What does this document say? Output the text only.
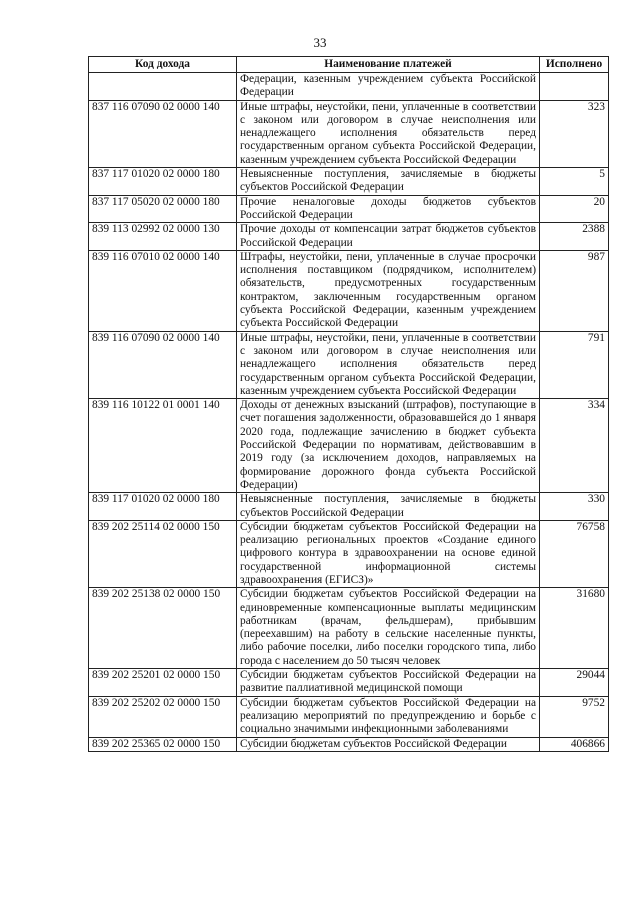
33
Код дохода	Наименование платежей	Исполнено
	Федерации, казенным учреждением субъекта Российской Федерации	
837 116 07090 02 0000 140	Иные штрафы, неустойки, пени, уплаченные в соответствии с законом или договором в случае неисполнения или ненадлежащего исполнения обязательств перед государственным органом субъекта Российской Федерации, казенным учреждением субъекта Российской Федерации	323
837 117 01020 02 0000 180	Невыясненные поступления, зачисляемые в бюджеты субъектов Российской Федерации	5
837 117 05020 02 0000 180	Прочие неналоговые доходы бюджетов субъектов Российской Федерации	20
839 113 02992 02 0000 130	Прочие доходы от компенсации затрат бюджетов субъектов Российской Федерации	2388
839 116 07010 02 0000 140	Штрафы, неустойки, пени, уплаченные в случае просрочки исполнения поставщиком (подрядчиком, исполнителем) обязательств, предусмотренных государственным контрактом, заключенным государственным органом субъекта Российской Федерации, казенным учреждением субъекта Российской Федерации	987
839 116 07090 02 0000 140	Иные штрафы, неустойки, пени, уплаченные в соответствии с законом или договором в случае неисполнения или ненадлежащего исполнения обязательств перед государственным органом субъекта Российской Федерации, казенным учреждением субъекта Российской Федерации	791
839 116 10122 01 0001 140	Доходы от денежных взысканий (штрафов), поступающие в счет погашения задолженности, образовавшейся до 1 января 2020 года, подлежащие зачислению в бюджет субъекта Российской Федерации по нормативам, действовавшим в 2019 году (за исключением доходов, направляемых на формирование дорожного фонда субъекта Российской Федерации)	334
839 117 01020 02 0000 180	Невыясненные поступления, зачисляемые в бюджеты субъектов Российской Федерации	330
839 202 25114 02 0000 150	Субсидии бюджетам субъектов Российской Федерации на реализацию региональных проектов «Создание единого цифрового контура в здравоохранении на основе единой государственной информационной системы здравоохранения (ЕГИСЗ)»	76758
839 202 25138 02 0000 150	Субсидии бюджетам субъектов Российской Федерации на единовременные компенсационные выплаты медицинским работникам (врачам, фельдшерам), прибывшим (переехавшим) на работу в сельские населенные пункты, либо рабочие поселки, либо поселки городского типа, либо города с населением до 50 тысяч человек	31680
839 202 25201 02 0000 150	Субсидии бюджетам субъектов Российской Федерации на развитие паллиативной медицинской помощи	29044
839 202 25202 02 0000 150	Субсидии бюджетам субъектов Российской Федерации на реализацию мероприятий по предупреждению и борьбе с социально значимыми инфекционными заболеваниями	9752
839 202 25365 02 0000 150	Субсидии бюджетам субъектов Российской Федерации	406866
